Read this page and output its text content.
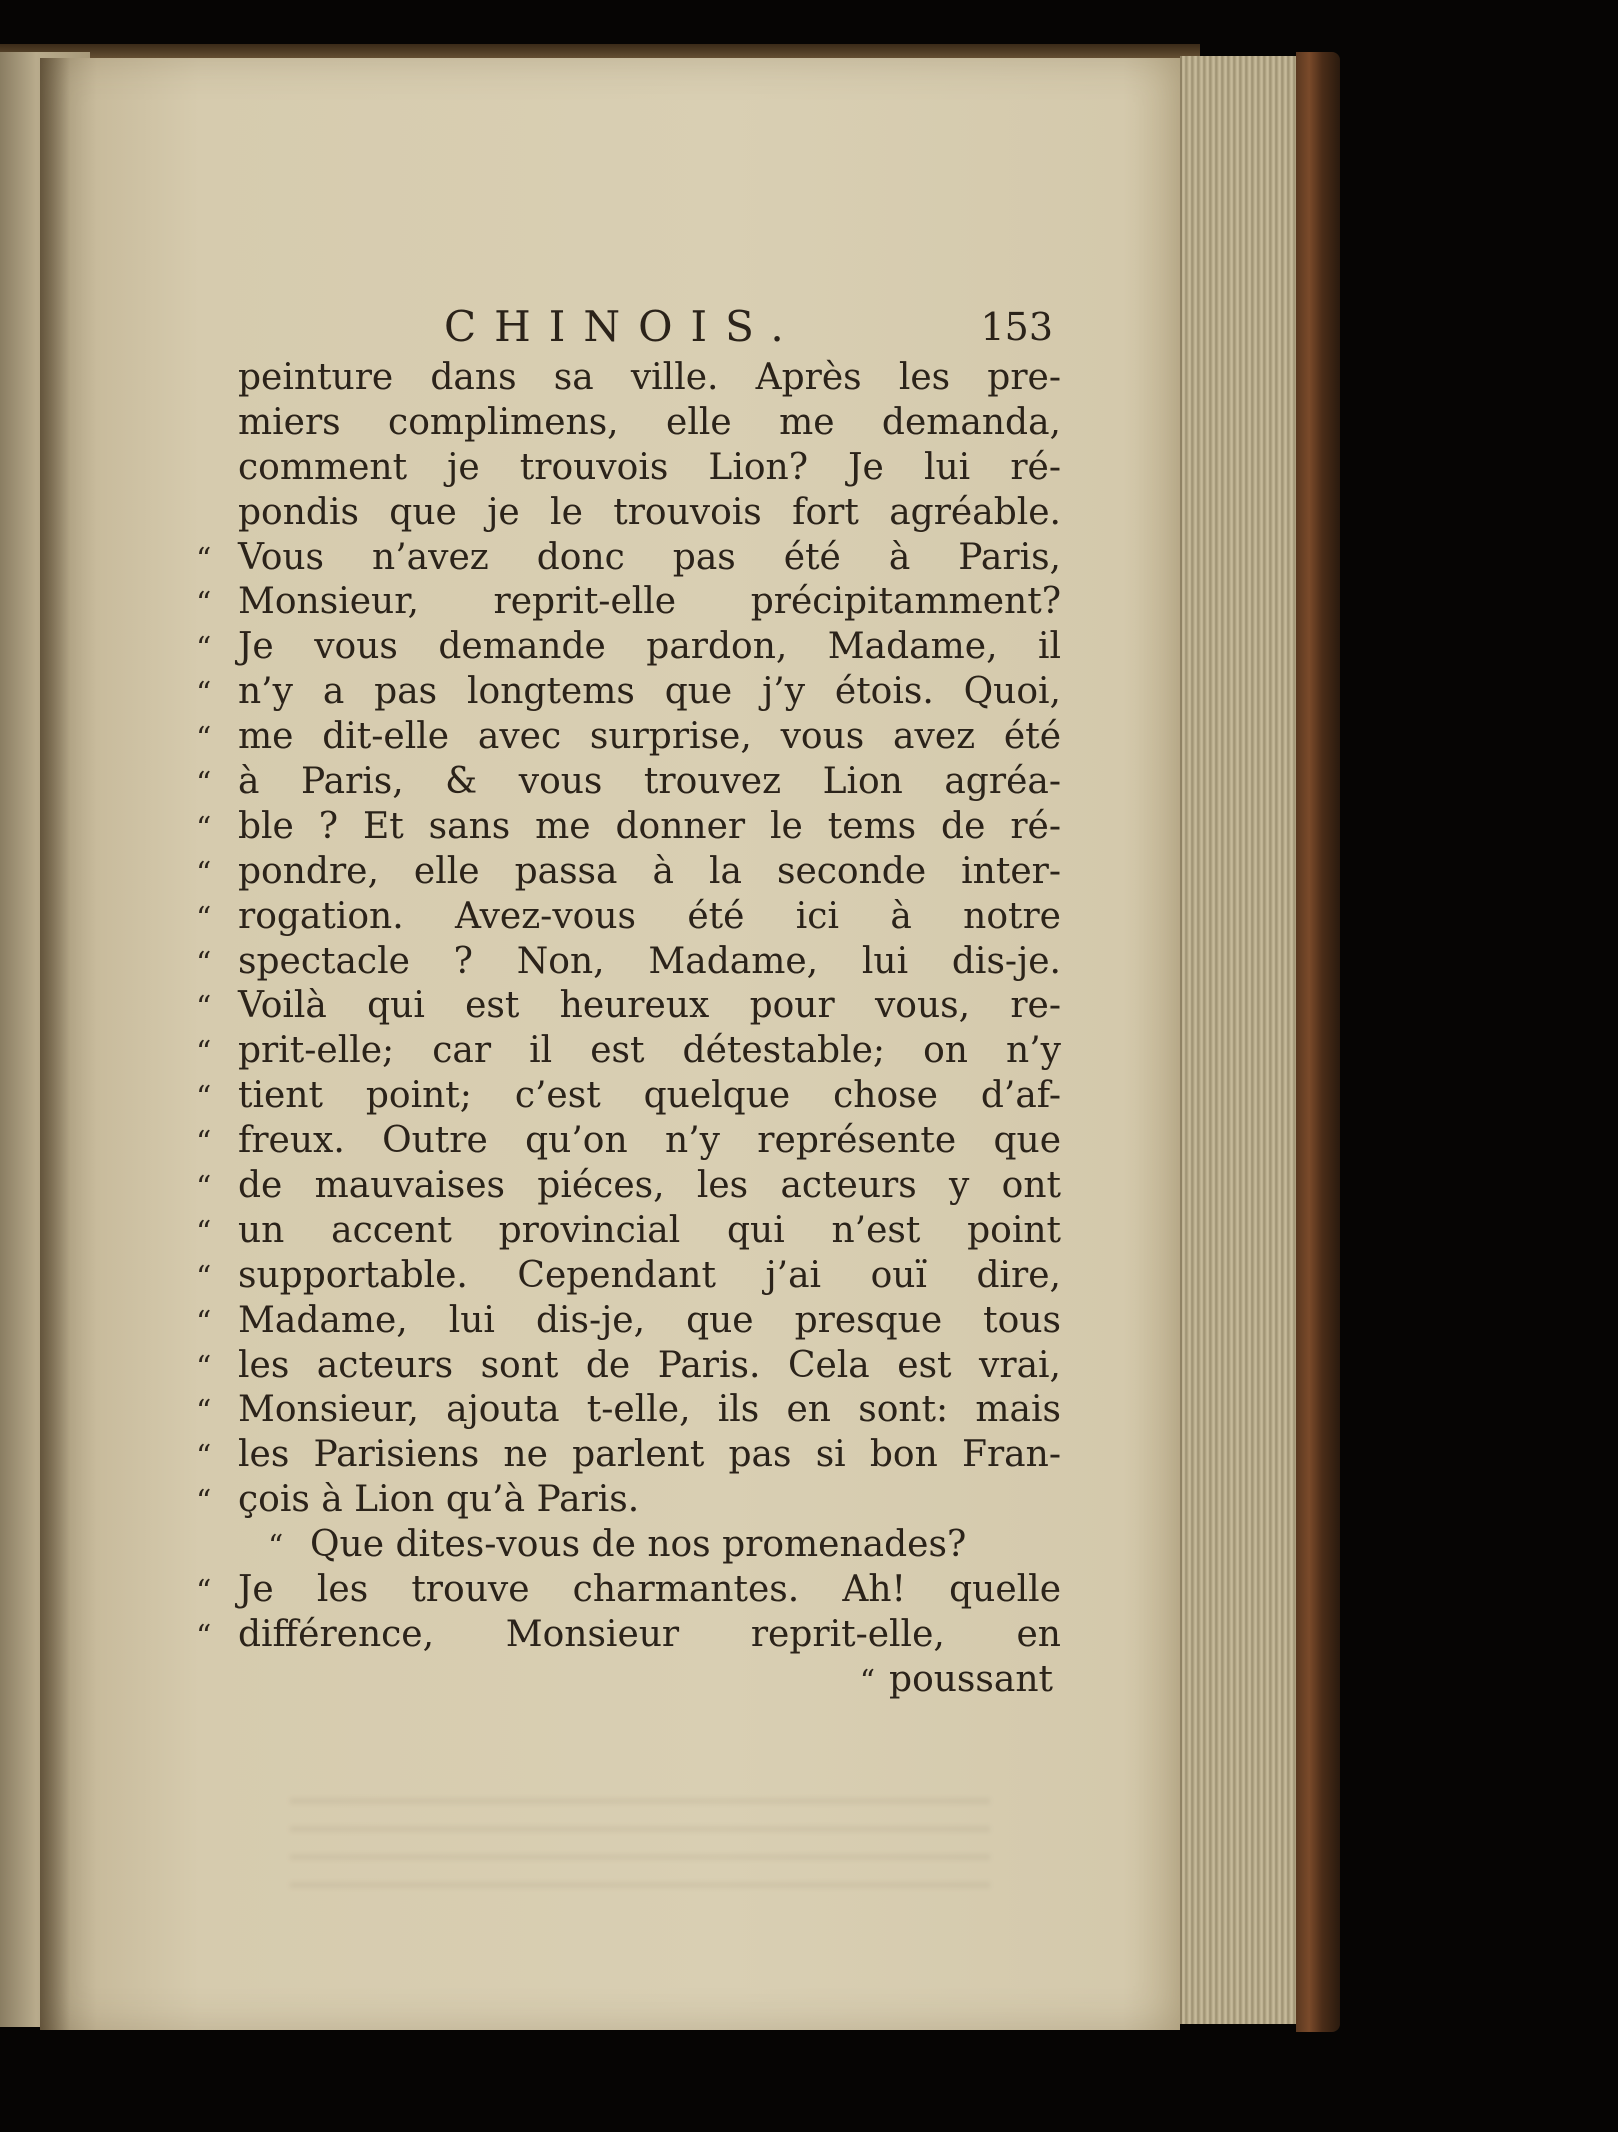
CHINOIS.	153
peinture dans sa ville. Après les pre-
miers complimens, elle me demanda,
comment je trouvois Lion? Je lui ré-
pondis que je le trouvois fort agréable.
“ Vous n’avez donc pas été à Paris,
“ Monsieur, reprit-elle précipitamment?
“ Je vous demande pardon, Madame, il
“ n’y a pas longtems que j’y étois. Quoi,
“ me dit-elle avec surprise, vous avez été
“ à Paris, & vous trouvez Lion agréa-
“ ble ? Et sans me donner le tems de ré-
“ pondre, elle passa à la seconde inter-
“ rogation. Avez-vous été ici à notre
“ spectacle ? Non, Madame, lui dis-je.
“ Voilà qui est heureux pour vous, re-
“ prit-elle; car il est détestable; on n’y
“ tient point; c’est quelque chose d’af-
“ freux. Outre qu’on n’y représente que
“ de mauvaises piéces, les acteurs y ont
“ un accent provincial qui n’est point
“ supportable. Cependant j’ai ouï dire,
“ Madame, lui dis-je, que presque tous
“ les acteurs sont de Paris. Cela est vrai,
“ Monsieur, ajouta t-elle, ils en sont: mais
“ les Parisiens ne parlent pas si bon Fran-
“ çois à Lion qu’à Paris.
“ Que dites-vous de nos promenades?
“ Je les trouve charmantes. Ah! quelle
“ différence, Monsieur reprit-elle, en
“ poussant
